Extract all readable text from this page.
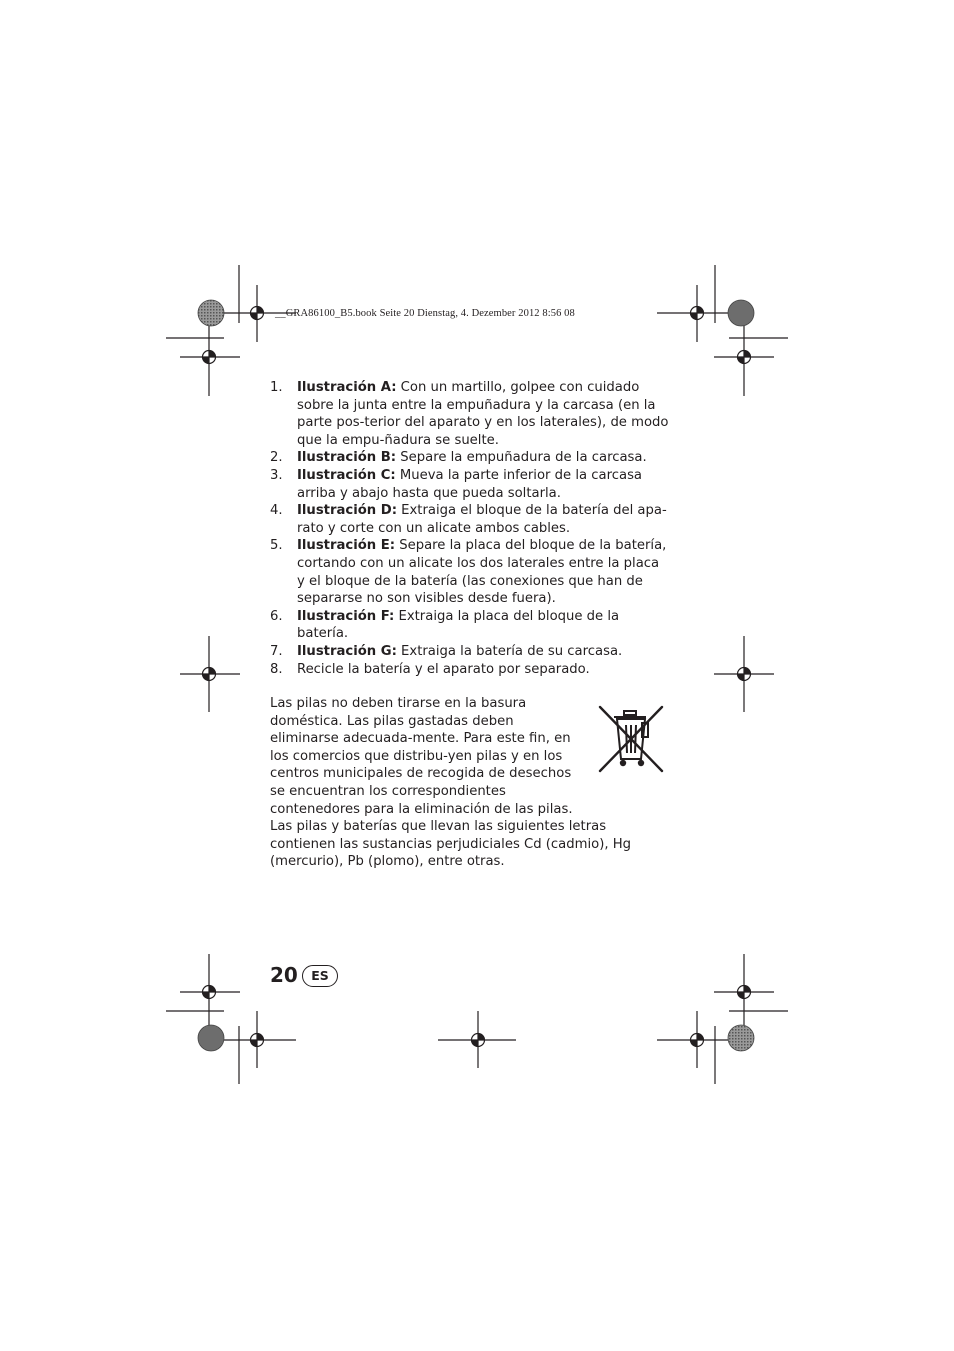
__GRA86100_B5.book Seite 20 Dienstag, 4. Dezember 2012 8:56 08
1. Ilustración A: Con un martillo, golpee con cuidado sobre la junta entre la empuñadura y la carcasa (en la parte pos-terior del aparato y en los laterales), de modo que la empu-ñadura se suelte.
2. Ilustración B: Separe la empuñadura de la carcasa.
3. Ilustración C: Mueva la parte inferior de la carcasa arriba y abajo hasta que pueda soltarla.
4. Ilustración D: Extraiga el bloque de la batería del apa-rato y corte con un alicate ambos cables.
5. Ilustración E: Separe la placa del bloque de la batería, cortando con un alicate los dos laterales entre la placa y el bloque de la batería (las conexiones que han de separarse no son visibles desde fuera).
6. Ilustración F: Extraiga la placa del bloque de la batería.
7. Ilustración G: Extraiga la batería de su carcasa.
8. Recicle la batería y el aparato por separado.
Las pilas no deben tirarse en la basura doméstica. Las pilas gastadas deben eliminarse adecuada-mente. Para este fin, en los comercios que distribu-yen pilas y en los centros municipales de recogida de desechos se encuentran los correspondientes contenedores para la eliminación de las pilas.
Las pilas y baterías que llevan las siguientes letras contienen las sustancias perjudiciales Cd (cadmio), Hg (mercurio), Pb (plomo), entre otras.
20	ES
